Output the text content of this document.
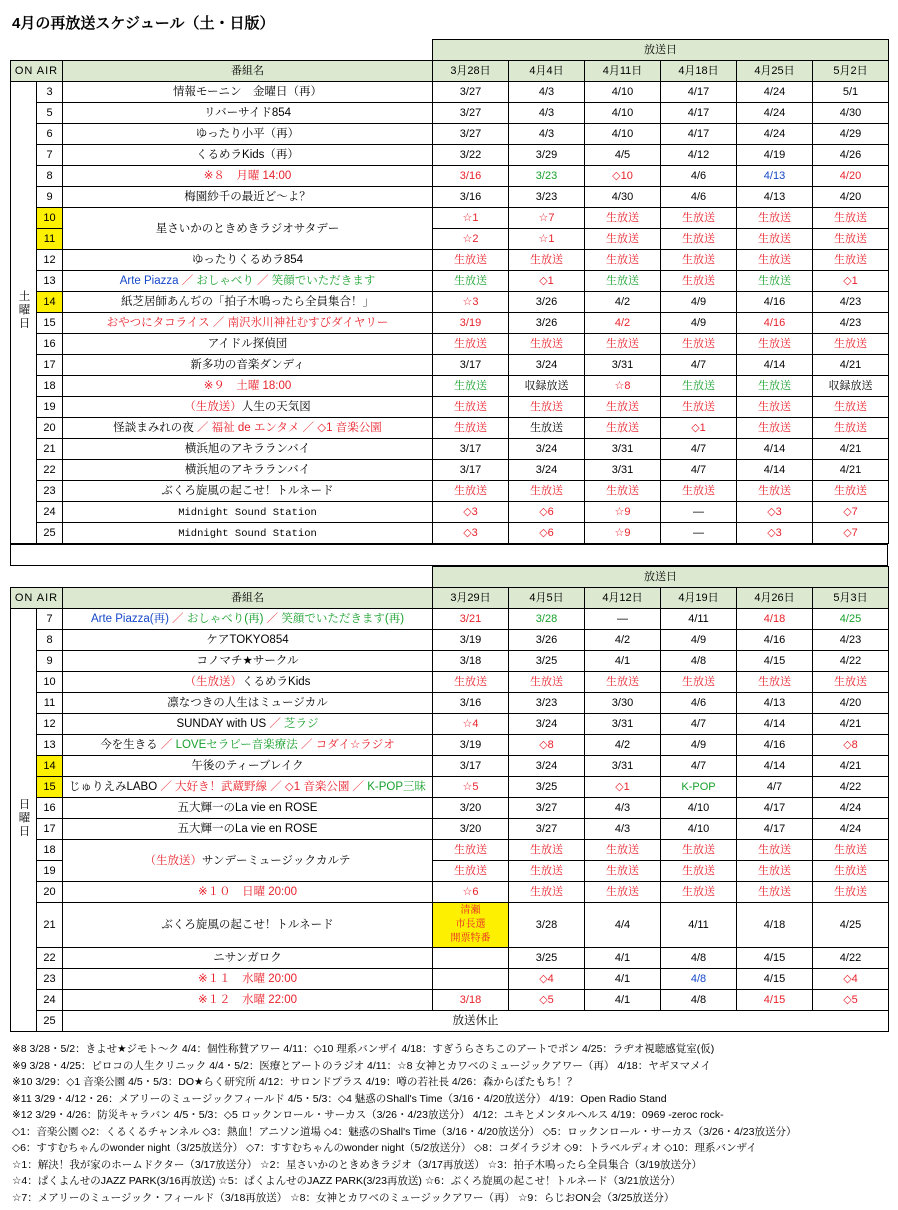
4月の再放送スケジュール（土・日版）
			放送日					
ON AIR		番組名	3月28日	4月4日	4月11日	4月18日	4月25日	5月2日
土曜日	3	情報モーニン　金曜日（再）	3/27	4/3	4/10	4/17	4/24	5/1
	5	リバーサイド854	3/27	4/3	4/10	4/17	4/24	4/30
	6	ゆったり小平（再）	3/27	4/3	4/10	4/17	4/24	4/29
	7	くるめラKids（再）	3/22	3/29	4/5	4/12	4/19	4/26
	8	※８　月曜 14:00	3/16	3/23	◇10	4/6	4/13	4/20
	9	梅園紗千の最近ど～よ？	3/16	3/23	4/30	4/6	4/13	4/20
	10	星さいかのときめきラジオサタデー	☆1	☆7	生放送	生放送	生放送	生放送
	11		☆2	☆1	生放送	生放送	生放送	生放送
	12	ゆったりくるめラ854	生放送	生放送	生放送	生放送	生放送	生放送
	13	Arte Piazza ／ おしゃべり ／ 笑顔でいただきます	生放送	◇1	生放送	生放送	生放送	◇1
	14	紙芝居師あんぢの「拍子木鳴ったら全員集合！」	☆3	3/26	4/2	4/9	4/16	4/23
	15	おやつにタコライス ／ 南沢氷川神社むすびダイヤリー	3/19	3/26	4/2	4/9	4/16	4/23
	16	アイドル探偵団	生放送	生放送	生放送	生放送	生放送	生放送
	17	新多功の音楽ダンディ	3/17	3/24	3/31	4/7	4/14	4/21
	18	※９　土曜 18:00	生放送	収録放送	☆8	生放送	生放送	収録放送
	19	（生放送）人生の天気図	生放送	生放送	生放送	生放送	生放送	生放送
	20	怪談まみれの夜 ／ 福祉 de エンタメ ／ ◇1 音楽公園	生放送	生放送	生放送	◇1	生放送	生放送
	21	横浜旭のアキラランバイ	3/17	3/24	3/31	4/7	4/14	4/21
	22	横浜旭のアキラランバイ	3/17	3/24	3/31	4/7	4/14	4/21
	23	ぶくろ旋風の起こせ！トルネード	生放送	生放送	生放送	生放送	生放送	生放送
	24	Midnight Sound Station	◇3	◇6	☆9	—	◇3	◇7
	25	Midnight Sound Station	◇3	◇6	☆9	—	◇3	◇7
			放送日					
ON AIR		番組名	3月29日	4月5日	4月12日	4月19日	4月26日	5月3日
日曜日	7	Arte Piazza(再) ／ おしゃべり(再) ／ 笑顔でいただきます(再)	3/21	3/28	—	4/11	4/18	4/25
	8	ケアTOKYO854	3/19	3/26	4/2	4/9	4/16	4/23
	9	コノマチ★サークル	3/18	3/25	4/1	4/8	4/15	4/22
	10	（生放送）くるめラKids	生放送	生放送	生放送	生放送	生放送	生放送
	11	凛なつきの人生はミュージカル	3/16	3/23	3/30	4/6	4/13	4/20
	12	SUNDAY with US ／ 芝ラジ	☆4	3/24	3/31	4/7	4/14	4/21
	13	今を生きる ／ LOVEセラピー音楽療法 ／ コダイ☆ラジオ	3/19	◇8	4/2	4/9	4/16	◇8
	14	午後のティーブレイク	3/17	3/24	3/31	4/7	4/14	4/21
	15	じゅりえみLABO ／ 大好き！武蔵野線 ／ ◇1 音楽公園 ／ K-POP三昧	☆5	3/25	◇1	K-POP	4/7	4/22
	16	五大輝一のLa vie en ROSE	3/20	3/27	4/3	4/10	4/17	4/24
	17	五大輝一のLa vie en ROSE	3/20	3/27	4/3	4/10	4/17	4/24
	18	（生放送）サンデーミュージックカルテ	生放送	生放送	生放送	生放送	生放送	生放送
	19		生放送	生放送	生放送	生放送	生放送	生放送
	20	※１０　日曜 20:00	☆6	生放送	生放送	生放送	生放送	生放送
	21	ぶくろ旋風の起こせ！トルネード	清瀬
市長選
開票特番	3/28	4/4	4/11	4/18	4/25
	22	ニサンガロク		3/25	4/1	4/8	4/15	4/22
	23	※１１　水曜 20:00		◇4	4/1	4/8	4/15	◇4
	24	※１２　水曜 22:00	3/18	◇5	4/1	4/8	4/15	◇5
	25	放送休止						
※8 3/28・5/2：きよせ★ジモト～ク 4/4：個性称賛アワー 4/11：◇10 理系バンザイ 4/18：すぎうらさちこのアートでポン 4/25：ラヂオ視聴感覚室(仮)
※9 3/28・4/25：ピロコの人生クリニック 4/4・5/2：医療とアートのラジオ 4/11：☆8 女神とカワベのミュージックアワー（再） 4/18：ヤギヌマメイ
※10 3/29：◇1 音楽公園 4/5・5/3：DO★らく研究所 4/12：サロンドプラス 4/19：噂の若社長 4/26：森からぽたもち！？
※11 3/29・4/12・26：メアリーのミュージックフィールド 4/5・5/3：◇4 魅惑のShall's Time（3/16・4/20放送分） 4/19：Open Radio Stand
※12 3/29・4/26：防災キャラバン 4/5・5/3：◇5 ロックンロール・サーカス（3/26・4/23放送分） 4/12：ユキとメンタルヘルス 4/19：0969 -zeroc rock-
◇1：音楽公園 ◇2：くるくるチャンネル ◇3：熱血！アニソン道場 ◇4：魅惑のShall's Time（3/16・4/20放送分） ◇5：ロックンロール・サーカス（3/26・4/23放送分）
◇6：すすむちゃんのwonder night（3/25放送分） ◇7：すすむちゃんのwonder night（5/2放送分） ◇8：コダイラジオ ◇9：トラベルディオ ◇10：理系バンザイ
☆1：解決！我が家のホームドクター（3/17放送分） ☆2：星さいかのときめきラジオ（3/17再放送） ☆3：拍子木鳴ったら全員集合（3/19放送分）
☆4：ぱくよんせのJAZZ PARK(3/16再放送) ☆5：ぱくよんせのJAZZ PARK(3/23再放送) ☆6：ぶくろ旋風の起こせ！トルネード（3/21放送分）
☆7：メアリーのミュージック・フィールド（3/18再放送） ☆8：女神とカワベのミュージックアワー（再） ☆9：らじおON会（3/25放送分）
